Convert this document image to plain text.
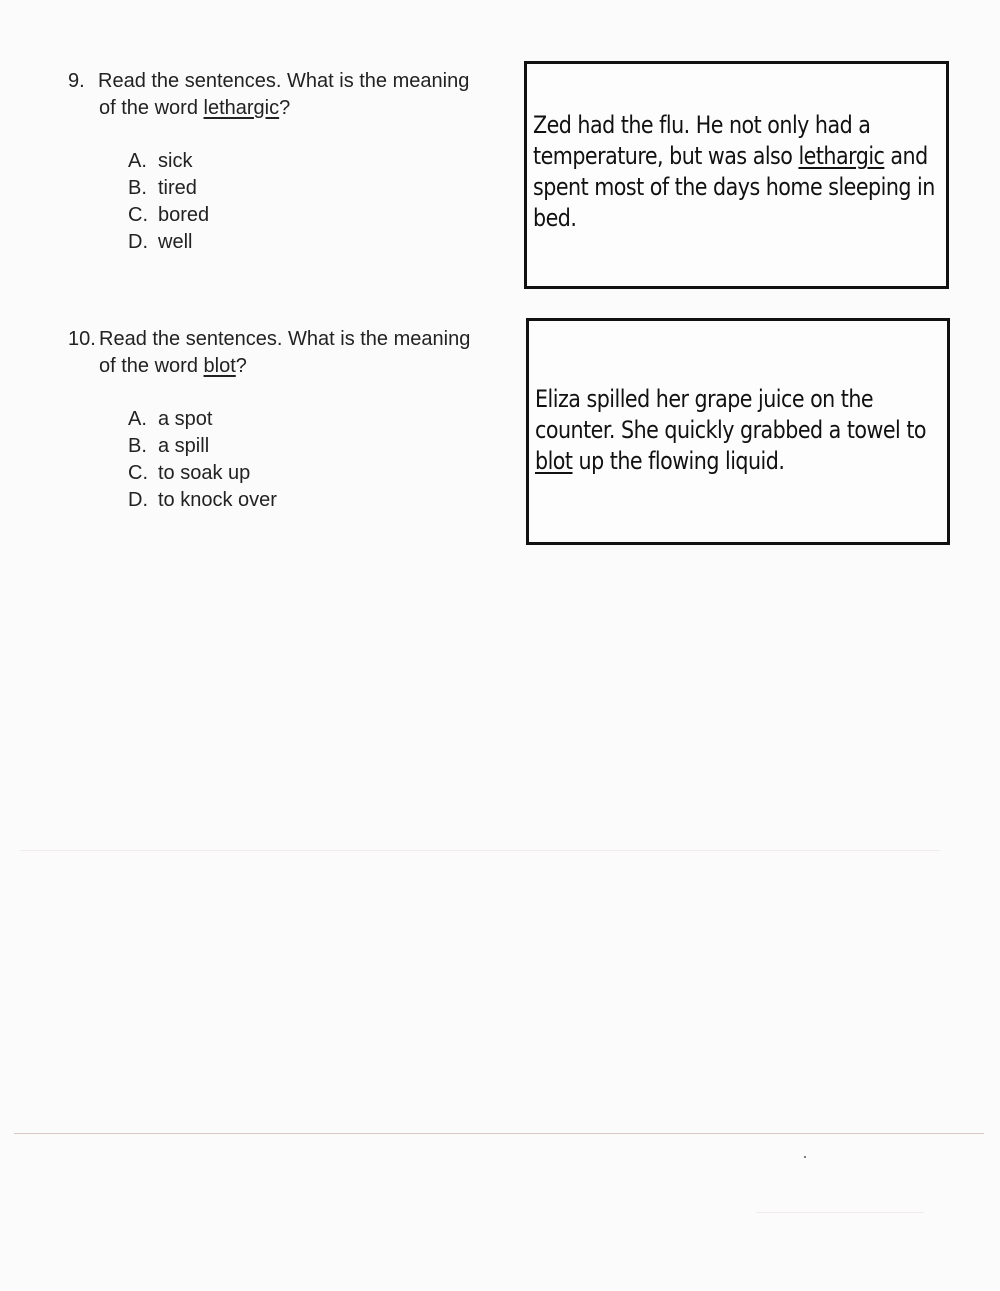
9. Read the sentences. What is the meaning
of the word lethargic?
A. sick
B. tired
C. bored
D. well
Zed had the flu. He not only had a temperature, but was also lethargic and spent most of the days home sleeping in bed.
10. Read the sentences. What is the meaning
of the word blot?
A. a spot
B. a spill
C. to soak up
D. to knock over
Eliza spilled her grape juice on the counter. She quickly grabbed a towel to blot up the flowing liquid.
